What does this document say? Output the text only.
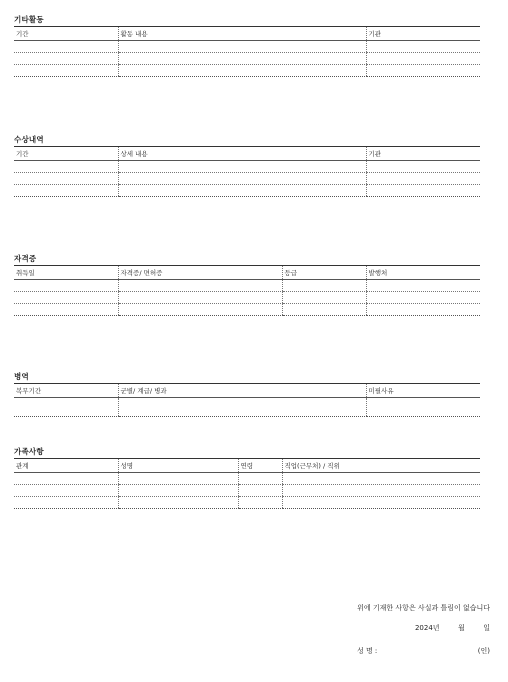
기타활동
기간	활동 내용	기관

수상내역
기간	상세 내용	기관

자격증
취득일	자격증/ 면허증	등급	발행처

병역
복무기간	군별/ 계급/ 병과	미필사유

가족사항
관계	성명	연령	직업(근무처) / 직위

위에 기재한 사항은 사실과 틀림이 없습니다
2024년	월	일
성 명 :	(인)
